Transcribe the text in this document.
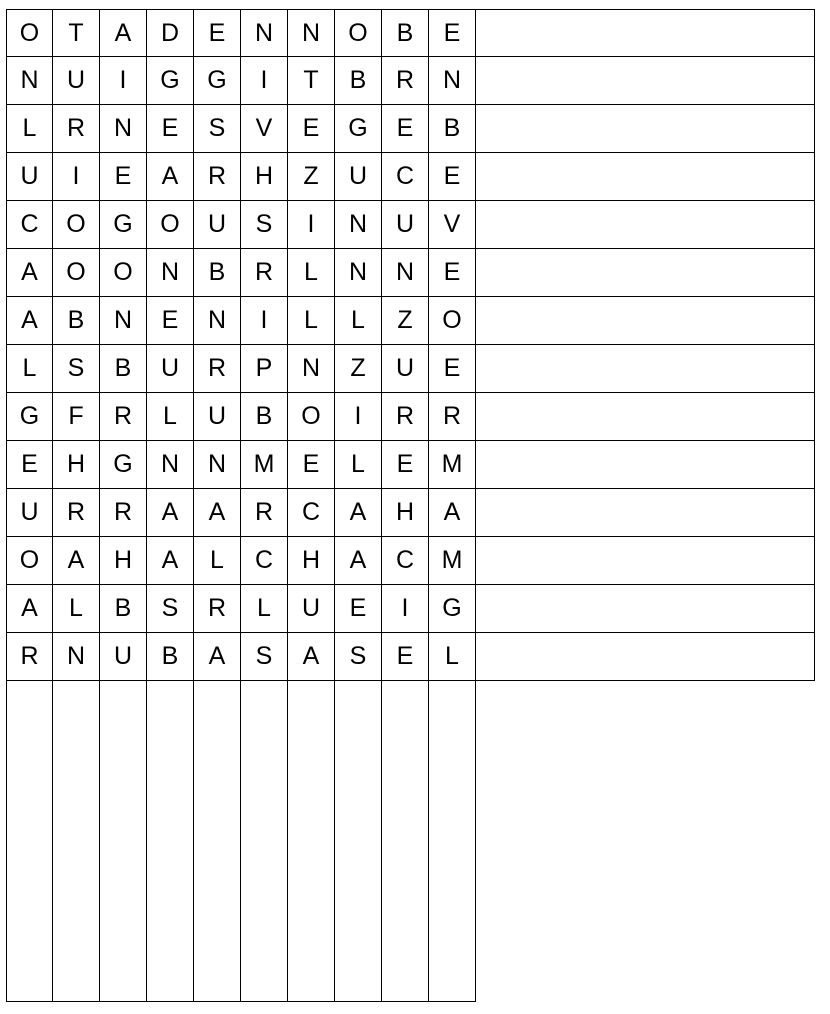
O	T	A	D	E	N	N	O	B	E
N	U	I	G	G	I	T	B	R	N
L	R	N	E	S	V	E	G	E	B
U	I	E	A	R	H	Z	U	C	E
C	O	G	O	U	S	I	N	U	V
A	O	O	N	B	R	L	N	N	E
A	B	N	E	N	I	L	L	Z	O
L	S	B	U	R	P	N	Z	U	E
G	F	R	L	U	B	O	I	R	R
E	H	G	N	N	M	E	L	E	M
U	R	R	A	A	R	C	A	H	A
O	A	H	A	L	C	H	A	C	M
A	L	B	S	R	L	U	E	I	G
R	N	U	B	A	S	A	S	E	L
